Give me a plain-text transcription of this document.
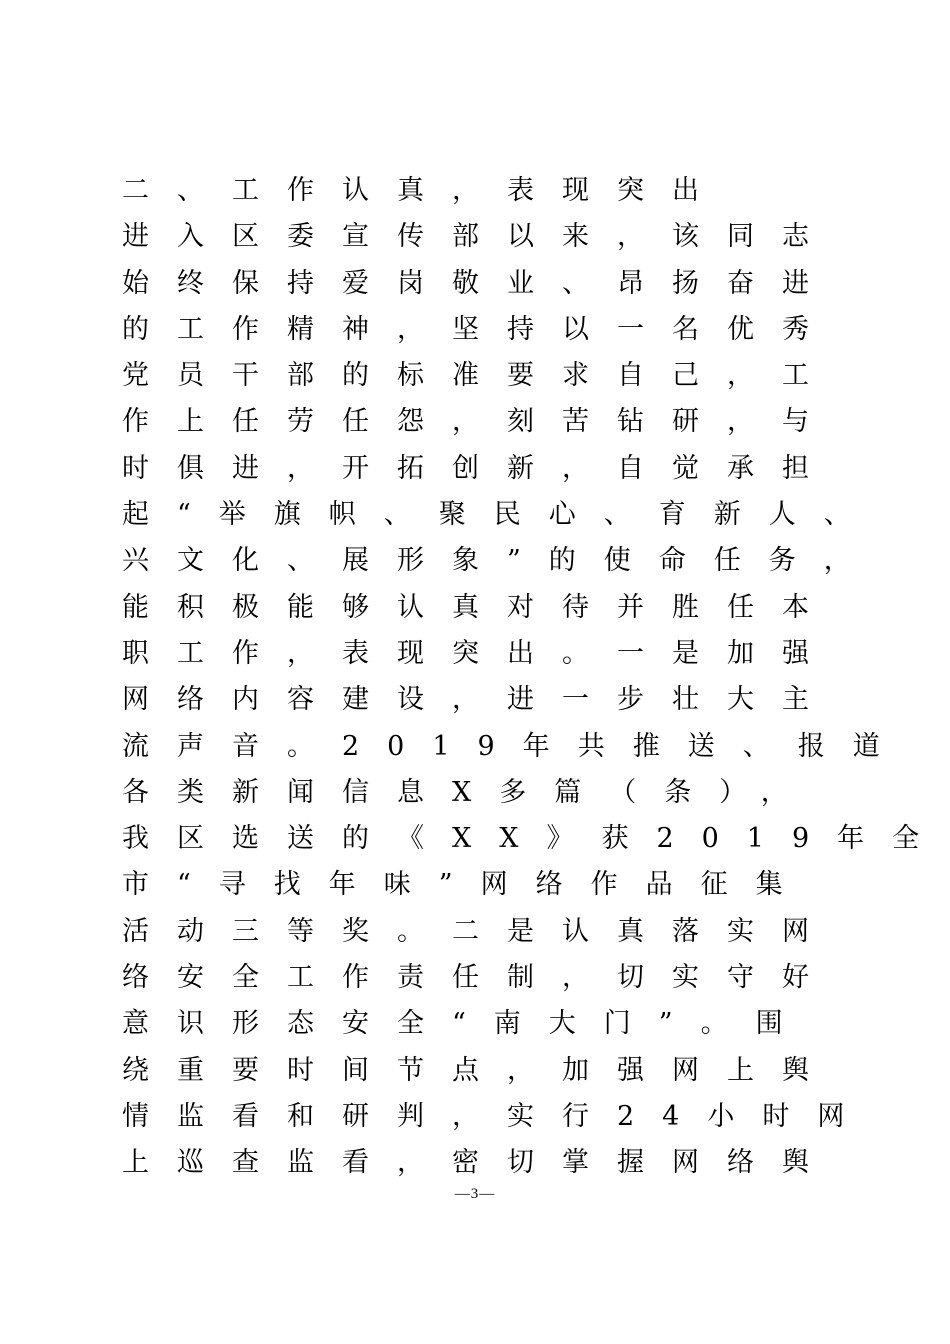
二、工作认真，表现突出
进入区委宣传部以来，该同志
始终保持爱岗敬业、昂扬奋进
的工作精神，坚持以一名优秀
党员干部的标准要求自己，工
作上任劳任怨，刻苦钻研，与
时俱进，开拓创新，自觉承担
起“举旗帜、聚民心、育新人、
兴文化、展形象”的使命任务，
能积极能够认真对待并胜任本
职工作，表现突出。一是加强
网络内容建设，进一步壮大主
流声音。2019年共推送、报道
各类新闻信息X多篇（条），
我区选送的《XX》获2019年全
市“寻找年味”网络作品征集
活动三等奖。二是认真落实网
络安全工作责任制，切实守好
意识形态安全“南大门”。围
绕重要时间节点，加强网上舆
情监看和研判，实行24小时网
上巡查监看，密切掌握网络舆
—3—
